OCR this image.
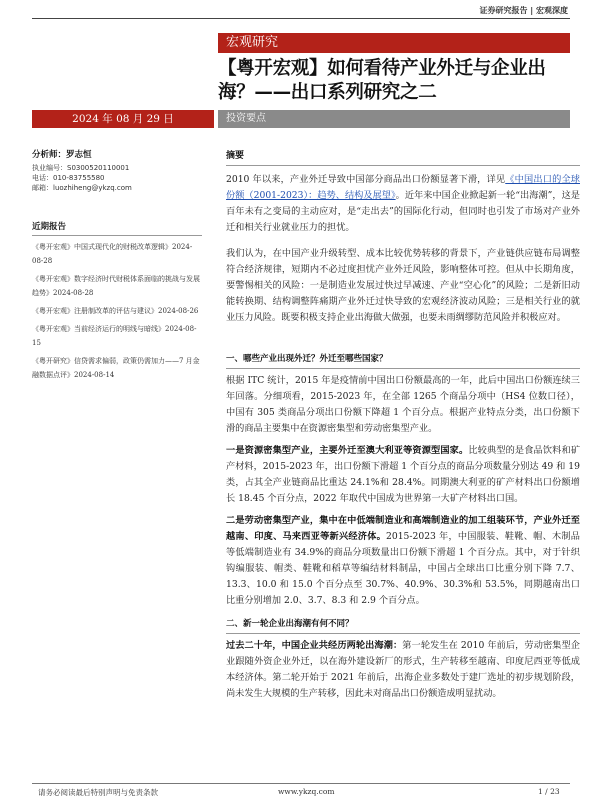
证券研究报告 | 宏观深度
宏观研究
【粤开宏观】如何看待产业外迁与企业出海？——出口系列研究之二
2024 年 08 月 29 日	投资要点
分析师：罗志恒
执业编号：S0300520110001
电话：010-83755580
邮箱：luozhiheng@ykzq.com
近期报告
《粤开宏观》中国式现代化的财税改革逻辑》2024-08-28
《粤开宏观》数字经济时代财税体系面临的挑战与发展趋势》2024-08-28
《粤开宏观》注册制改革的评估与建议》2024-08-26
《粤开宏观》当前经济运行的明线与暗线》2024-08-15
《粤开研究》信贷需求偏弱，政策仍需加力——7 月金融数据点评》2024-08-14
摘要

2010 年以来，产业外迁导致中国部分商品出口份额显著下滑，详见《中国出口的全球份额（2001-2023）：趋势、结构及展望》。近年来中国企业掀起新一轮“出海潮”，这是百年未有之变局的主动应对，是“走出去”的国际化行动，但同时也引发了市场对产业外迁和相关行业就业压力的担忧。

我们认为，在中国产业升级转型、成本比较优势转移的背景下，产业链供应链布局调整符合经济规律，短期内不必过度担忧产业外迁风险，影响整体可控。但从中长期角度，要警惕相关的风险：一是制造业发展过快过早减速、产业“空心化”的风险；二是新旧动能转换期、结构调整阵痛期产业外迁过快导致的宏观经济波动风险；三是相关行业的就业压力风险。既要积极支持企业出海做大做强，也要未雨绸缪防范风险并积极应对。

一、哪些产业出现外迁？外迁至哪些国家？

根据 ITC 统计，2015 年是疫情前中国出口份额最高的一年，此后中国出口份额连续三年回落。分细项看，2015-2023 年，在全部 1265 个商品分项中（HS4 位数口径），中国有 305 类商品分项出口份额下降超 1 个百分点。根据产业特点分类，出口份额下滑的商品主要集中在资源密集型和劳动密集型产业。

一是资源密集型产业，主要外迁至澳大利亚等资源型国家。比较典型的是食品饮料和矿产材料，2015-2023 年，出口份额下滑超 1 个百分点的商品分项数量分别达 49 和 19 类，占其全产业链商品比重达 24.1%和 28.4%。同期澳大利亚的矿产材料出口份额增长 18.45 个百分点，2022 年取代中国成为世界第一大矿产材料出口国。

二是劳动密集型产业，集中在中低端制造业和高端制造业的加工组装环节，产业外迁至越南、印度、马来西亚等新兴经济体。2015-2023 年，中国服装、鞋靴、帽、木制品等低端制造业有 34.9%的商品分项数量出口份额下滑超 1 个百分点。其中，对于针织钩编服装、帽类、鞋靴和稻草等编结材料制品，中国占全球出口比重分别下降 7.7、13.3、10.0 和 15.0 个百分点至 30.7%、40.9%、30.3%和 53.5%，同期越南出口比重分别增加 2.0、3.7、8.3 和 2.9 个百分点。

二、新一轮企业出海潮有何不同？

过去二十年，中国企业共经历两轮出海潮：第一轮发生在 2010 年前后，劳动密集型企业跟随外资企业外迁，以在海外建设新厂的形式，生产转移至越南、印度尼西亚等低成本经济体。第二轮开始于 2021 年前后，出海企业多数处于建厂选址的初步规划阶段，尚未发生大规模的生产转移，因此未对商品出口份额造成明显扰动。

请务必阅读最后特别声明与免责条款	www.ykzq.com	1 / 23
